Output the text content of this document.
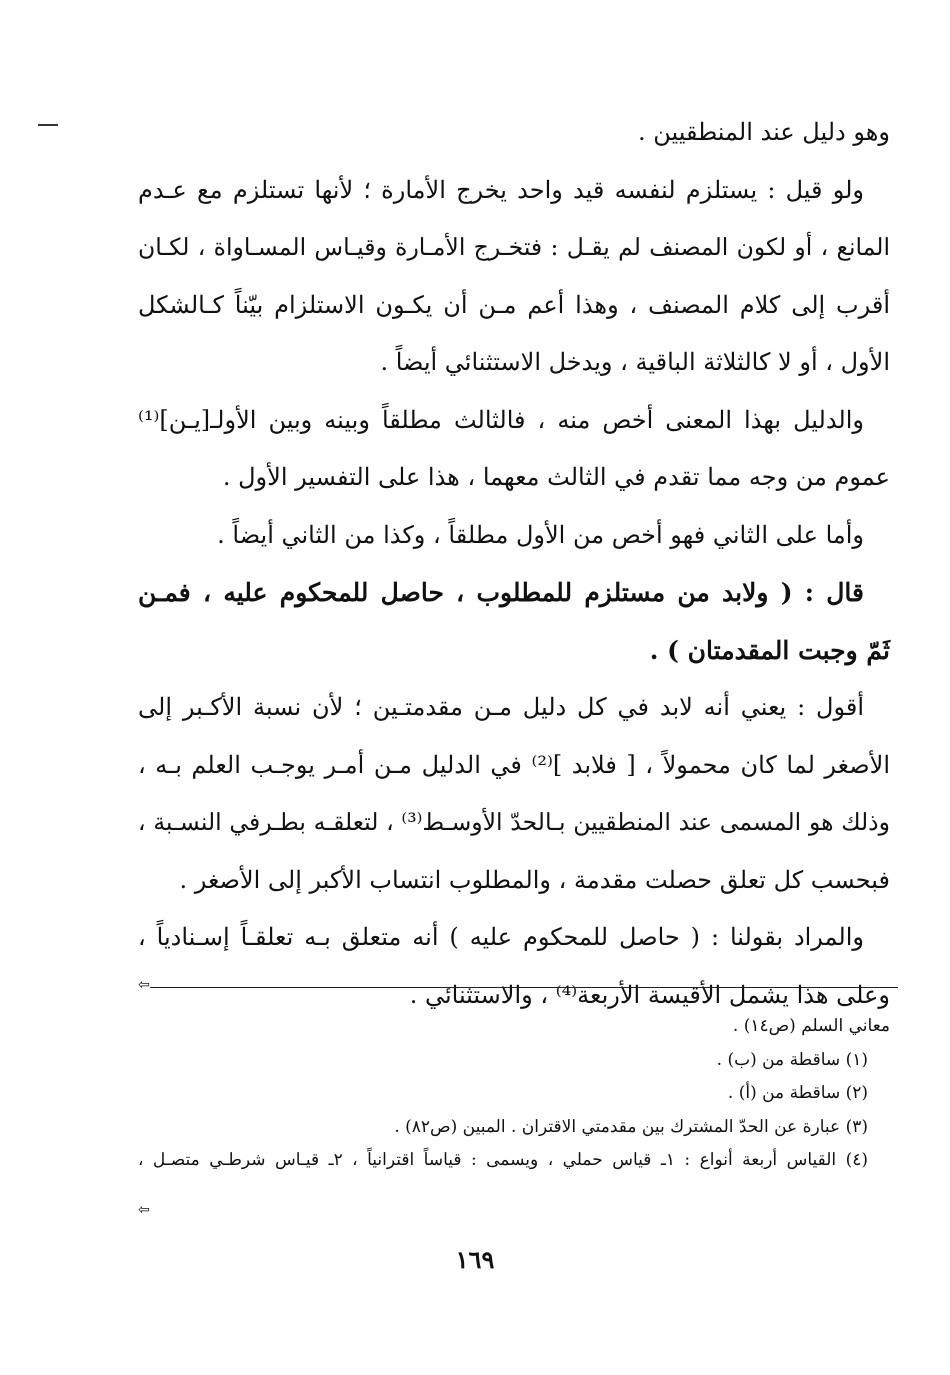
وهو دليل عند المنطقيين .
ولو قيل : يستلزم لنفسه قيد واحد يخرج الأمارة ؛ لأنها تستلزم مع عـدم
المانع ، أو لكون المصنف لم يقـل : فتخـرج الأمـارة وقيـاس المسـاواة ، لكـان
أقرب إلى كلام المصنف ، وهذا أعم مـن أن يكـون الاستلزام بيّناً كـالشكل
الأول ، أو لا كالثلاثة الباقية ، ويدخل الاستثنائي أيضاً .
والدليل بهذا المعنى أخص منه ، فالثالث مطلقاً وبينه وبين الأولـ[يـن]⁽¹⁾
عموم من وجه مما تقدم في الثالث معهما ، هذا على التفسير الأول .
وأما على الثاني فهو أخص من الأول مطلقاً ، وكذا من الثاني أيضاً .
قال : ( ولابد من مستلزم للمطلوب ، حاصل للمحكوم عليه ، فمـن
ثَمّ وجبت المقدمتان ) .
أقول : يعني أنه لابد في كل دليل مـن مقدمتـين ؛ لأن نسبة الأكـبر إلى
الأصغر لما كان محمولاً ، [ فلابد ]⁽²⁾ في الدليل مـن أمـر يوجـب العلم بـه ،
وذلك هو المسمى عند المنطقيين بـالحدّ الأوسـط⁽³⁾ ، لتعلقـه بطـرفي النسـبة ،
فبحسب كل تعلق حصلت مقدمة ، والمطلوب انتساب الأكبر إلى الأصغر .
والمراد بقولنا : ( حاصل للمحكوم عليه ) أنه متعلق بـه تعلقـاً إسـنادياً ،
وعلى هذا يشمل الأقيسة الأربعة⁽⁴⁾ ، والاستثنائي .
⇦
معاني السلم (ص١٤) .
(١) ساقطة من (ب) .
(٢) ساقطة من (أ) .
(٣) عبارة عن الحدّ المشترك بين مقدمتي الاقتران . المبين (ص٨٢) .
(٤) القياس أربعة أنواع : ١ـ قياس حملي ، ويسمى : قياساً اقترانياً ، ٢ـ قيـاس شرطـي متصـل ،
⇦
١٦٩
